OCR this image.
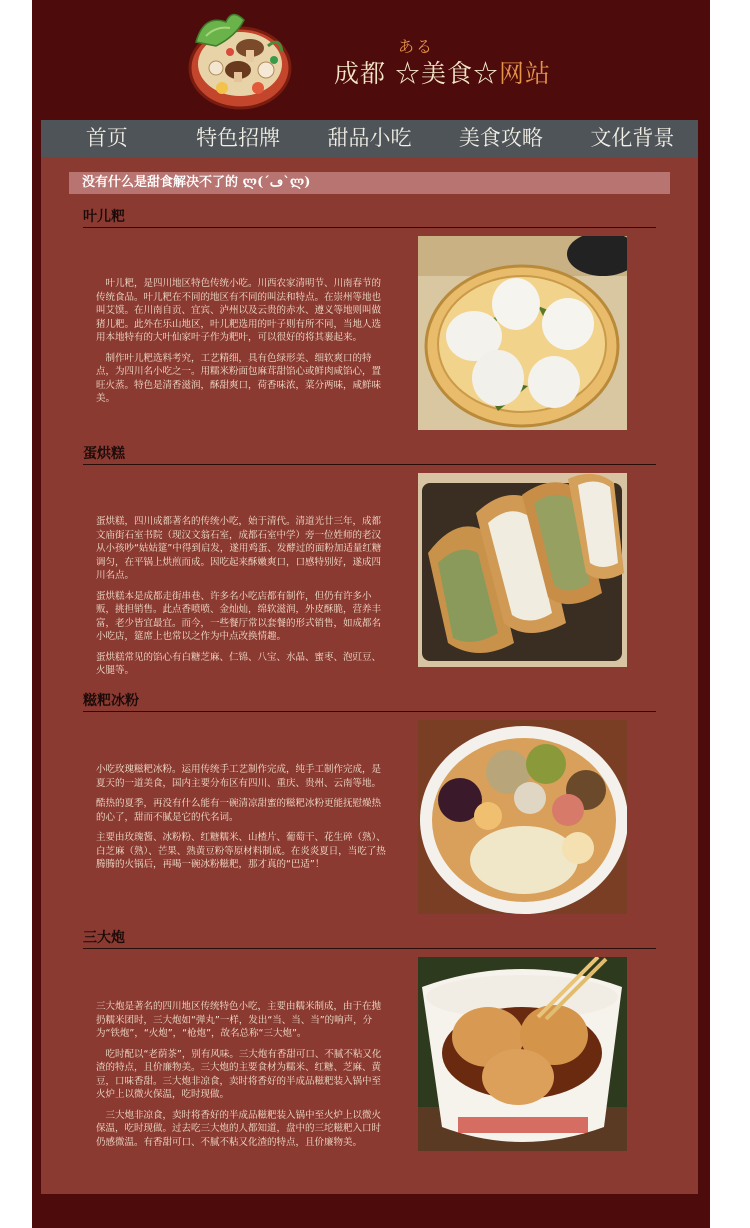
ある
成都 ☆美食☆网站
首页	特色招牌	甜品小吃	美食攻略	文化背景
没有什么是甜食解决不了的 ლ(´ڡ`ლ)
叶儿粑

　叶儿粑，是四川地区特色传统小吃。川西农家清明节、川南春节的传统食品。叶儿粑在不同的地区有不同的叫法和特点。在崇州等地也叫艾馍。在川南自贡、宜宾、泸州以及云贵的赤水、遵义等地则叫做猪儿粑。此外在乐山地区，叶儿粑选用的叶子则有所不同，当地人选用本地特有的大叶仙家叶子作为粑叶，可以很好的将其裹起来。

　制作叶儿粑选料考究，工艺精细，具有色绿形美、细软爽口的特点，为四川名小吃之一。用糯米粉面包麻茸甜馅心或鲜肉咸馅心，置旺火蒸。特色是清香滋润，酥甜爽口，荷香味浓，菜分两味，咸鲜味美。

蛋烘糕

蛋烘糕，四川成都著名的传统小吃，始于清代。清道光廿三年，成都文庙街石室书院（现汉文翁石室，成都石室中学）旁一位姓师的老汉从小孩吵“姑姑筵”中得到启发，遂用鸡蛋、发酵过的面粉加适量红糖调匀，在平锅上烘煎而成。因吃起来酥嫩爽口，口感特别好，遂成四川名点。

蛋烘糕本是成都走街串巷、许多名小吃店都有制作，但仍有许多小贩，挑担销售。此点香喷喷、金灿灿，绵软滋润，外皮酥脆，营养丰富，老少皆宜最宜。而今，一些餐厅常以套餐的形式销售，如成都名小吃店，筵席上也常以之作为中点改换情趣。

蛋烘糕常见的馅心有白糖芝麻、仁锦、八宝、水晶、蜜枣、泡豇豆、火腿等。

糍粑冰粉

小吃玫瑰糍粑冰粉。运用传统手工艺制作完成，纯手工制作完成，是夏天的一道美食，国内主要分布区有四川、重庆、贵州、云南等地。

酷热的夏季，再没有什么能有一碗清凉甜蜜的糍粑冰粉更能抚慰燥热的心了，甜而不腻是它的代名词。

主要由玫瑰酱、冰粉粉、红糖糯米、山楂片、葡萄干、花生碎（熟）、白芝麻（熟）、芒果、熟黄豆粉等原材料制成。在炎炎夏日，当吃了热腾腾的火锅后，再喝一碗冰粉糍粑，那才真的“巴适”！

三大炮

三大炮是著名的四川地区传统特色小吃，主要由糯米制成，由于在抛扔糯米团时，三大炮如“弹丸”一样，发出“当、当、当”的响声，分为“铁炮”，“火炮”，“枪炮”，故名总称“三大炮”。

　吃时配以“老荫茶”，别有风味。三大炮有香甜可口、不腻不粘又化渣的特点，且价廉物美。三大炮的主要食材为糯米、红糖、芝麻、黄豆，口味香甜。三大炮非凉食，卖时将香好的半成品糍粑装入锅中至火炉上以微火保温，吃时现做。

　三大炮非凉食，卖时将香好的半成品糍粑装入锅中至火炉上以微火保温，吃时现做。过去吃三大炮的人都知道，盘中的三坨糍粑入口时仍感微温。有香甜可口、不腻不粘又化渣的特点，且价廉物美。
